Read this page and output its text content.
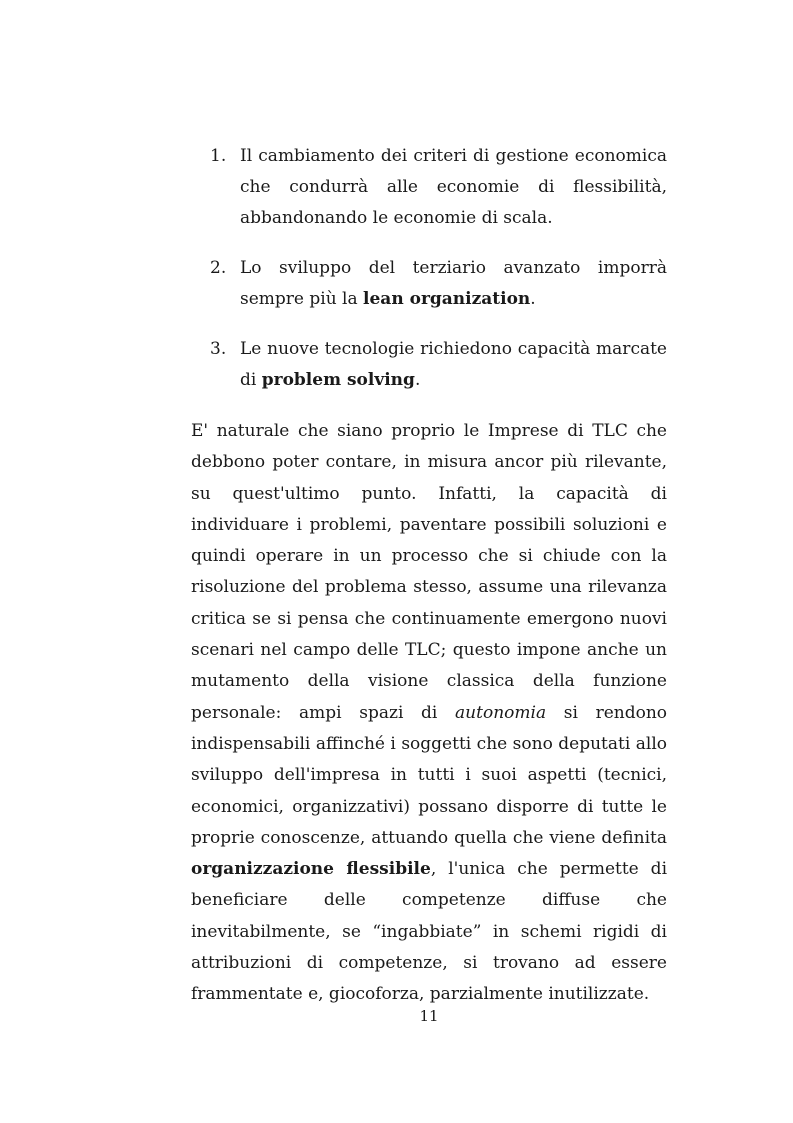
1. Il cambiamento dei criteri di gestione economica che condurrà alle economie di flessibilità, abbandonando le economie di scala.
2. Lo sviluppo del terziario avanzato imporrà sempre più la lean organization.
3. Le nuove tecnologie richiedono capacità marcate di problem solving.

E' naturale che siano proprio le Imprese di TLC che debbono poter contare, in misura ancor più rilevante, su quest'ultimo punto. Infatti, la capacità di individuare i problemi, paventare possibili soluzioni e quindi operare in un processo che si chiude con la risoluzione del problema stesso, assume una rilevanza critica se si pensa che continuamente emergono nuovi scenari nel campo delle TLC; questo impone anche un mutamento della visione classica della funzione personale: ampi spazi di autonomia si rendono indispensabili affinché i soggetti che sono deputati allo sviluppo dell'impresa in tutti i suoi aspetti (tecnici, economici, organizzativi) possano disporre di tutte le proprie conoscenze, attuando quella che viene definita organizzazione flessibile, l'unica che permette di beneficiare delle competenze diffuse che inevitabilmente, se “ingabbiate” in schemi rigidi di attribuzioni di competenze, si trovano ad essere frammentate e, giocoforza, parzialmente inutilizzate.

11
